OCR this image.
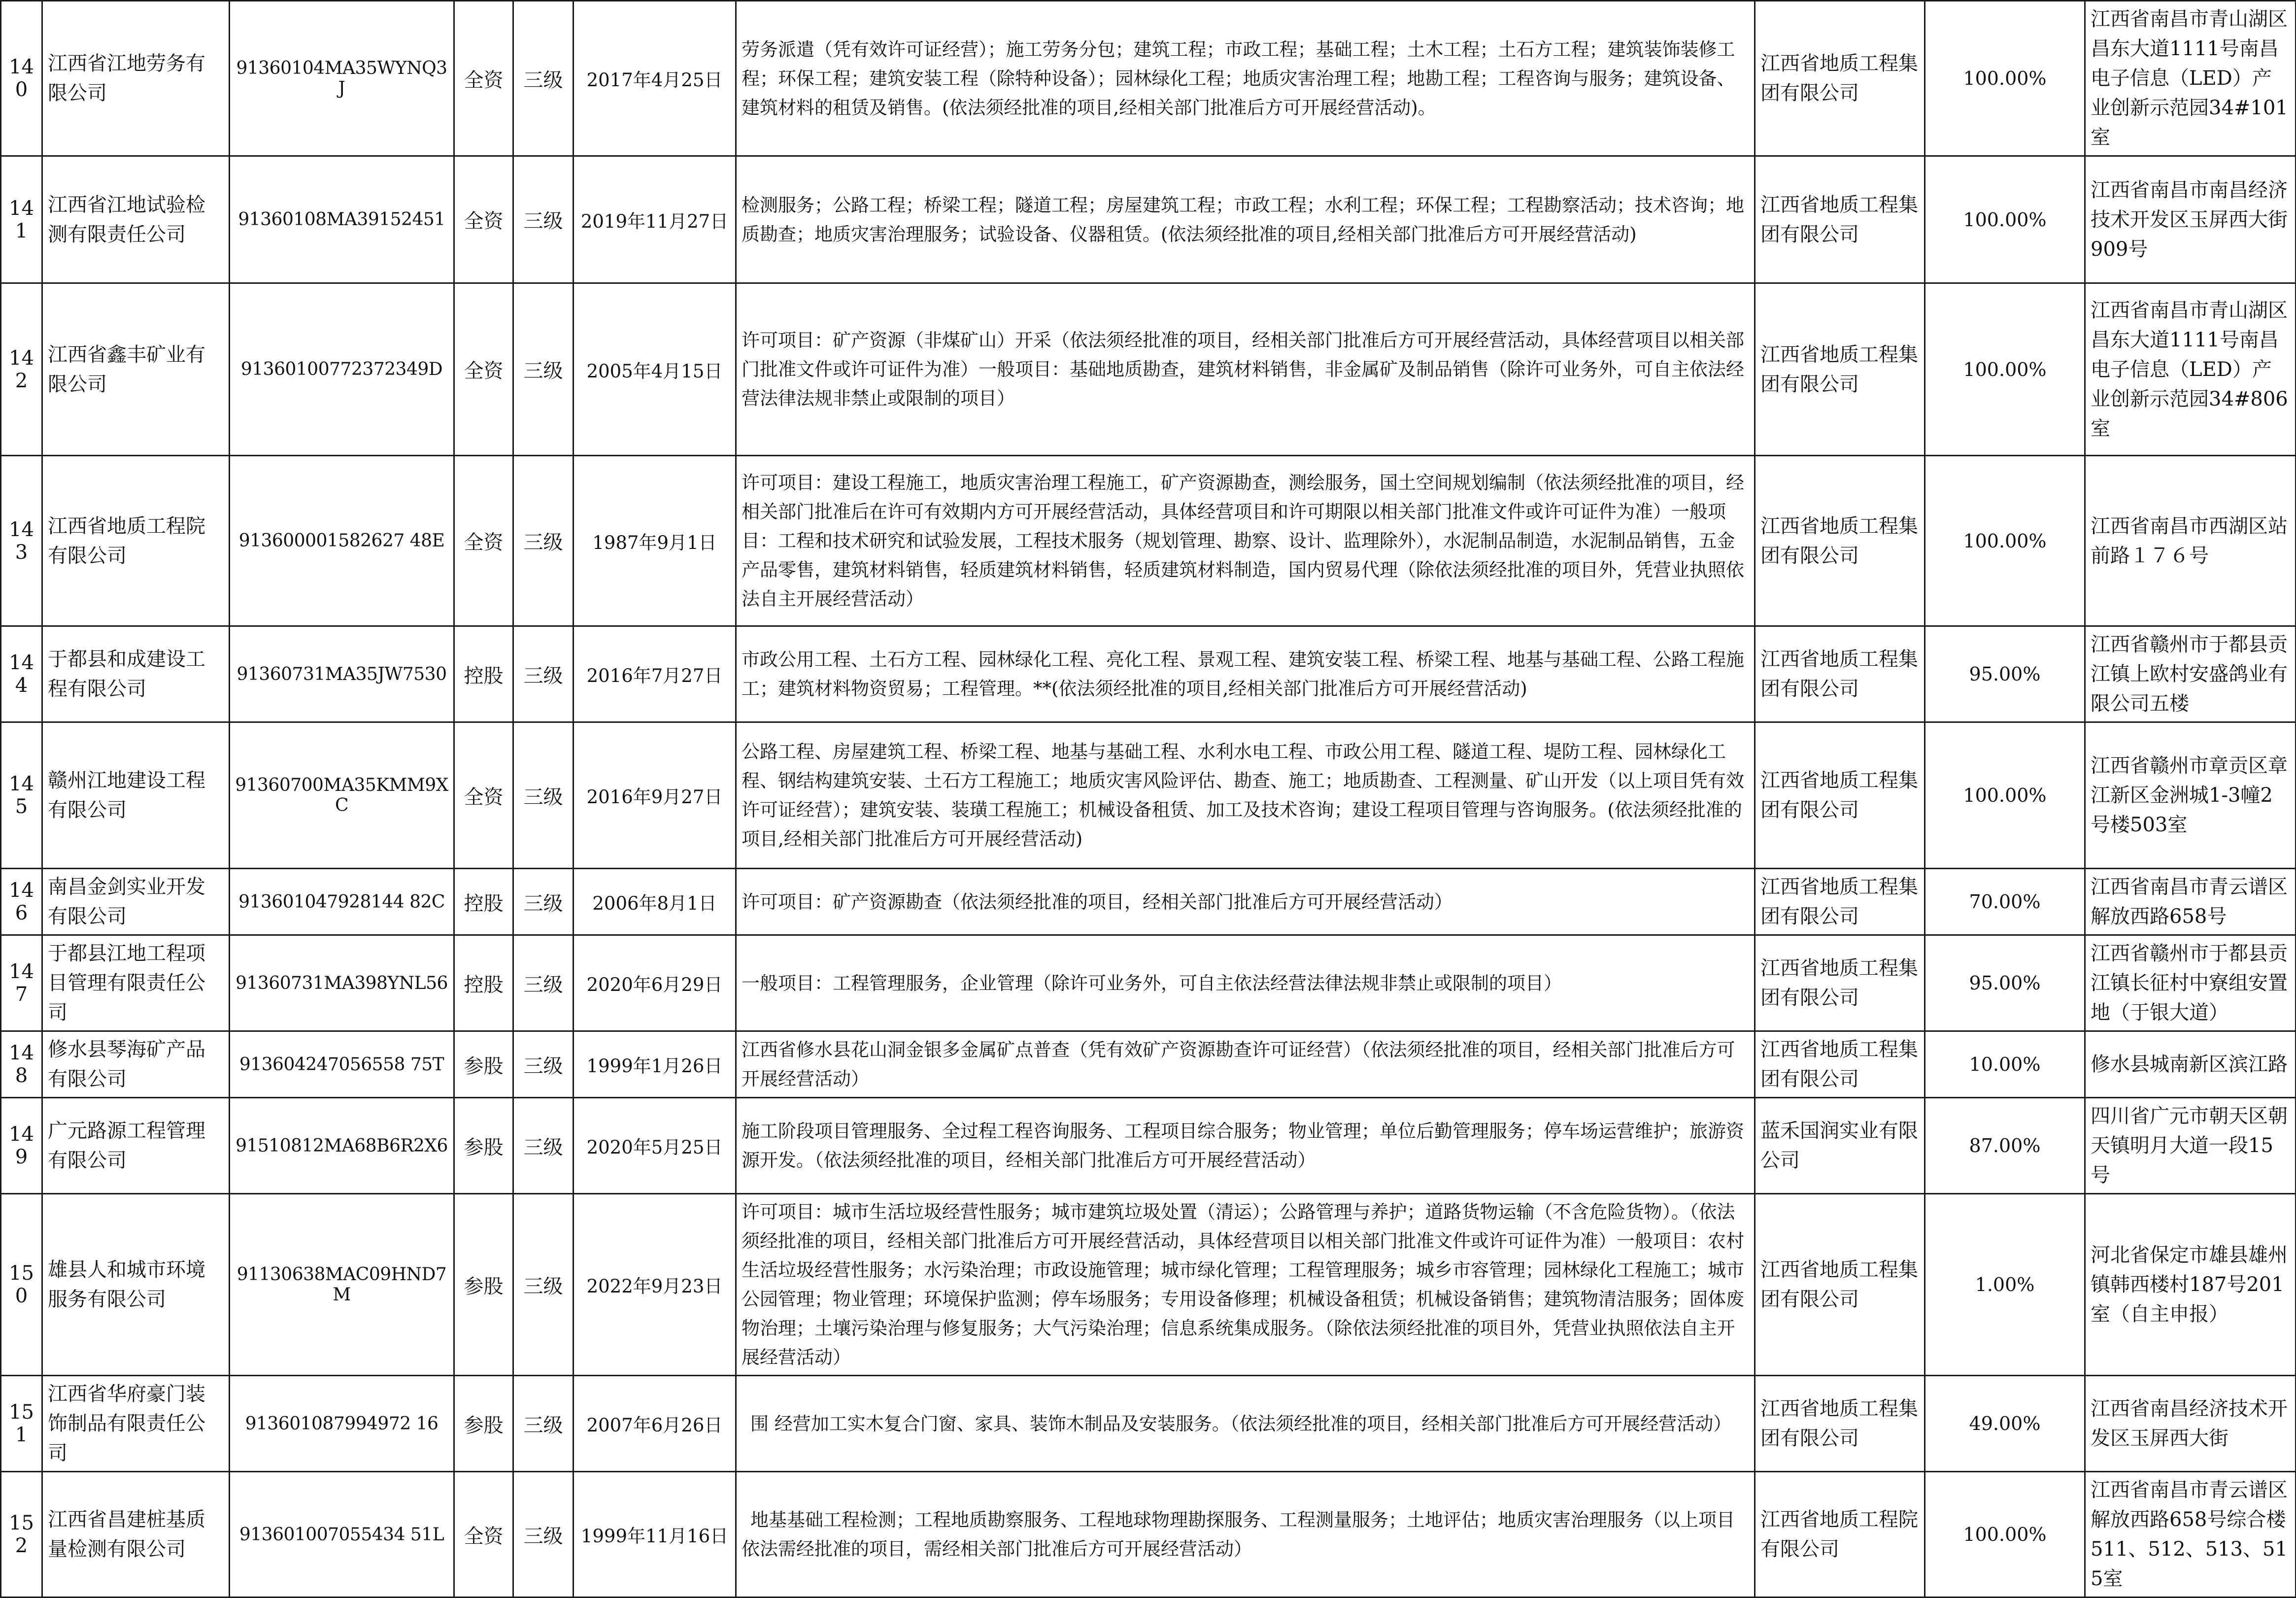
140	江西省江地劳务有限公司	91360104MA35WYNQ3J	全资	三级	2017年4月25日	劳务派遣（凭有效许可证经营）；施工劳务分包；建筑工程；市政工程；基础工程；土木工程；土石方工程；建筑装饰装修工程；环保工程；建筑安装工程（除特种设备）；园林绿化工程；地质灾害治理工程；地勘工程；工程咨询与服务；建筑设备、建筑材料的租赁及销售。(依法须经批准的项目,经相关部门批准后方可开展经营活动)。	江西省地质工程集团有限公司	100.00%	江西省南昌市青山湖区昌东大道1111号南昌电子信息（LED）产业创新示范园34#101室
141	江西省江地试验检测有限责任公司	91360108MA39152451	全资	三级	2019年11月27日	检测服务；公路工程；桥梁工程；隧道工程；房屋建筑工程；市政工程；水利工程；环保工程；工程勘察活动；技术咨询；地质勘查；地质灾害治理服务；试验设备、仪器租赁。(依法须经批准的项目,经相关部门批准后方可开展经营活动)	江西省地质工程集团有限公司	100.00%	江西省南昌市南昌经济技术开发区玉屏西大街909号
142	江西省鑫丰矿业有限公司	91360100772372349D	全资	三级	2005年4月15日	许可项目：矿产资源（非煤矿山）开采（依法须经批准的项目，经相关部门批准后方可开展经营活动，具体经营项目以相关部门批准文件或许可证件为准）一般项目：基础地质勘查，建筑材料销售，非金属矿及制品销售（除许可业务外，可自主依法经营法律法规非禁止或限制的项目）	江西省地质工程集团有限公司	100.00%	江西省南昌市青山湖区昌东大道1111号南昌电子信息（LED）产业创新示范园34#806室
143	江西省地质工程院有限公司	913600001582627 48E	全资	三级	1987年9月1日	许可项目：建设工程施工，地质灾害治理工程施工，矿产资源勘查，测绘服务，国土空间规划编制（依法须经批准的项目，经相关部门批准后在许可有效期内方可开展经营活动，具体经营项目和许可期限以相关部门批准文件或许可证件为准）一般项目：工程和技术研究和试验发展，工程技术服务（规划管理、勘察、设计、监理除外），水泥制品制造，水泥制品销售，五金产品零售，建筑材料销售，轻质建筑材料销售，轻质建筑材料制造，国内贸易代理（除依法须经批准的项目外，凭营业执照依法自主开展经营活动）	江西省地质工程集团有限公司	100.00%	江西省南昌市西湖区站前路１７６号
144	于都县和成建设工程有限公司	91360731MA35JW7530	控股	三级	2016年7月27日	市政公用工程、土石方工程、园林绿化工程、亮化工程、景观工程、建筑安装工程、桥梁工程、地基与基础工程、公路工程施工；建筑材料物资贸易；工程管理。**(依法须经批准的项目,经相关部门批准后方可开展经营活动)	江西省地质工程集团有限公司	95.00%	江西省赣州市于都县贡江镇上欧村安盛鸽业有限公司五楼
145	赣州江地建设工程有限公司	91360700MA35KMM9XC	全资	三级	2016年9月27日	公路工程、房屋建筑工程、桥梁工程、地基与基础工程、水利水电工程、市政公用工程、隧道工程、堤防工程、园林绿化工程、钢结构建筑安装、土石方工程施工；地质灾害风险评估、勘查、施工；地质勘查、工程测量、矿山开发（以上项目凭有效许可证经营）；建筑安装、装璜工程施工；机械设备租赁、加工及技术咨询；建设工程项目管理与咨询服务。(依法须经批准的项目,经相关部门批准后方可开展经营活动)	江西省地质工程集团有限公司	100.00%	江西省赣州市章贡区章江新区金洲城1-3幢2号楼503室
146	南昌金剑实业开发有限公司	913601047928144 82C	控股	三级	2006年8月1日	许可项目：矿产资源勘查（依法须经批准的项目，经相关部门批准后方可开展经营活动）	江西省地质工程集团有限公司	70.00%	江西省南昌市青云谱区解放西路658号
147	于都县江地工程项目管理有限责任公司	91360731MA398YNL56	控股	三级	2020年6月29日	一般项目：工程管理服务，企业管理（除许可业务外，可自主依法经营法律法规非禁止或限制的项目）	江西省地质工程集团有限公司	95.00%	江西省赣州市于都县贡江镇长征村中寮组安置地（于银大道）
148	修水县琴海矿产品有限公司	913604247056558 75T	参股	三级	1999年1月26日	江西省修水县花山洞金银多金属矿点普查（凭有效矿产资源勘查许可证经营）（依法须经批准的项目，经相关部门批准后方可开展经营活动）	江西省地质工程集团有限公司	10.00%	修水县城南新区滨江路
149	广元路源工程管理有限公司	91510812MA68B6R2X6	参股	三级	2020年5月25日	施工阶段项目管理服务、全过程工程咨询服务、工程项目综合服务；物业管理；单位后勤管理服务；停车场运营维护；旅游资源开发。（依法须经批准的项目，经相关部门批准后方可开展经营活动）	蓝禾国润实业有限公司	87.00%	四川省广元市朝天区朝天镇明月大道一段15号
150	雄县人和城市环境服务有限公司	91130638MAC09HND7M	参股	三级	2022年9月23日	许可项目：城市生活垃圾经营性服务；城市建筑垃圾处置（清运）；公路管理与养护；道路货物运输（不含危险货物）。（依法须经批准的项目，经相关部门批准后方可开展经营活动，具体经营项目以相关部门批准文件或许可证件为准）一般项目：农村生活垃圾经营性服务；水污染治理；市政设施管理；城市绿化管理；工程管理服务；城乡市容管理；园林绿化工程施工；城市公园管理；物业管理；环境保护监测；停车场服务；专用设备修理；机械设备租赁；机械设备销售；建筑物清洁服务；固体废物治理；土壤污染治理与修复服务；大气污染治理；信息系统集成服务。（除依法须经批准的项目外，凭营业执照依法自主开展经营活动）	江西省地质工程集团有限公司	1.00%	河北省保定市雄县雄州镇韩西楼村187号201室（自主申报）
151	江西省华府豪门装饰制品有限责任公司	913601087994972 16	参股	三级	2007年6月26日	围 经营加工实木复合门窗、家具、装饰木制品及安装服务。（依法须经批准的项目，经相关部门批准后方可开展经营活动）	江西省地质工程集团有限公司	49.00%	江西省南昌经济技术开发区玉屏西大街
152	江西省昌建桩基质量检测有限公司	913601007055434 51L	全资	三级	1999年11月16日	地基基础工程检测；工程地质勘察服务、工程地球物理勘探服务、工程测量服务；土地评估；地质灾害治理服务（以上项目依法需经批准的项目，需经相关部门批准后方可开展经营活动）	江西省地质工程院有限公司	100.00%	江西省南昌市青云谱区解放西路658号综合楼511、512、513、515室
